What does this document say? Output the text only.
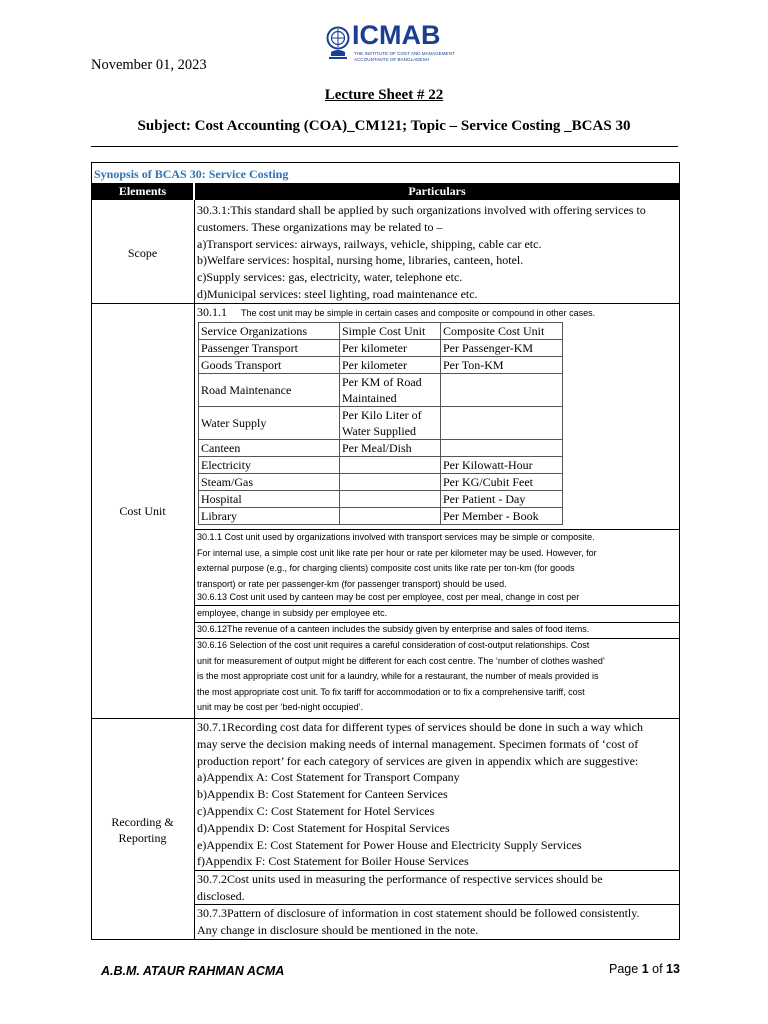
ICMAB
THE INSTITUTE OF COST AND MANAGEMENT
ACCOUNTANTS OF BANGLADESH
November 01, 2023
Lecture Sheet # 22
Subject: Cost Accounting (COA)_CM121; Topic – Service Costing _BCAS 30
Synopsis of BCAS 30: Service Costing
Elements	Particulars
Scope
30.3.1:This standard shall be applied by such organizations involved with offering services to
customers. These organizations may be related to –
a)Transport services: airways, railways, vehicle, shipping, cable car etc.
b)Welfare services: hospital, nursing home, libraries, canteen, hotel.
c)Supply services: gas, electricity, water, telephone etc.
d)Municipal services: steel lighting, road maintenance etc.
Cost Unit
30.1.1 The cost unit may be simple in certain cases and composite or compound in other cases.
Service Organizations	Simple Cost Unit	Composite Cost Unit
Passenger Transport	Per kilometer	Per Passenger-KM
Goods Transport	Per kilometer	Per Ton-KM
Road Maintenance	Per KM of Road Maintained	
Water Supply	Per Kilo Liter of Water Supplied	
Canteen	Per Meal/Dish	
Electricity		Per Kilowatt-Hour
Steam/Gas		Per KG/Cubit Feet
Hospital		Per Patient - Day
Library		Per Member - Book
30.1.1 Cost unit used by organizations involved with transport services may be simple or composite.
For internal use, a simple cost unit like rate per hour or rate per kilometer may be used. However, for
external purpose (e.g., for charging clients) composite cost units like rate per ton-km (for goods
transport) or rate per passenger-km (for passenger transport) should be used.
30.6.13 Cost unit used by canteen may be cost per employee, cost per meal, change in cost per
employee, change in subsidy per employee etc.
30.6.12The revenue of a canteen includes the subsidy given by enterprise and sales of food items.
30.6.16 Selection of the cost unit requires a careful consideration of cost-output relationships. Cost
unit for measurement of output might be different for each cost centre. The ‘number of clothes washed’
is the most appropriate cost unit for a laundry, while for a restaurant, the number of meals provided is
the most appropriate cost unit. To fix tariff for accommodation or to fix a comprehensive tariff, cost
unit may be cost per ‘bed-night occupied’.
Recording &
Reporting
30.7.1Recording cost data for different types of services should be done in such a way which
may serve the decision making needs of internal management. Specimen formats of ‘cost of
production report’ for each category of services are given in appendix which are suggestive:
a)Appendix A: Cost Statement for Transport Company
b)Appendix B: Cost Statement for Canteen Services
c)Appendix C: Cost Statement for Hotel Services
d)Appendix D: Cost Statement for Hospital Services
e)Appendix E: Cost Statement for Power House and Electricity Supply Services
f)Appendix F: Cost Statement for Boiler House Services
30.7.2Cost units used in measuring the performance of respective services should be
disclosed.
30.7.3Pattern of disclosure of information in cost statement should be followed consistently.
Any change in disclosure should be mentioned in the note.
A.B.M. ATAUR RAHMAN ACMA	Page 1 of 13
